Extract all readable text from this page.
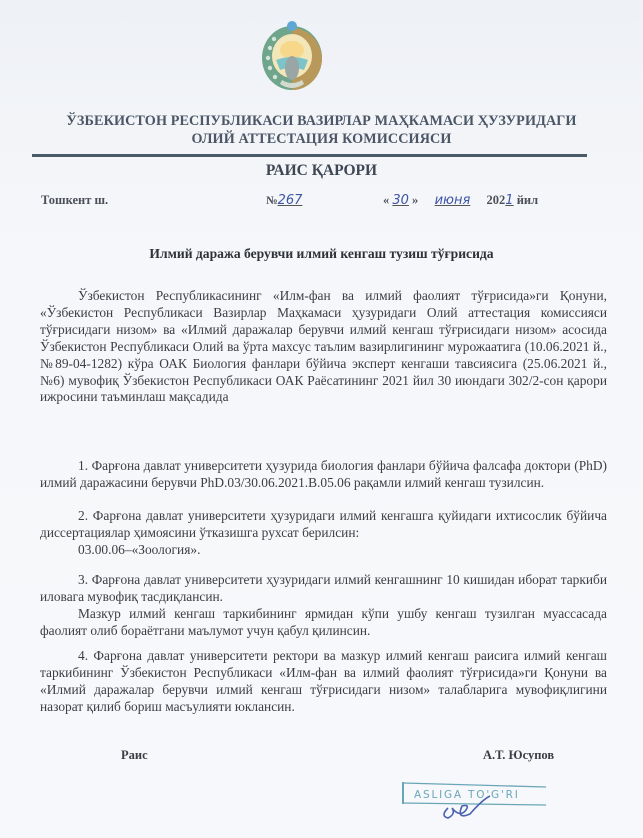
ЎЗБЕКИСТОН РЕСПУБЛИКАСИ ВАЗИРЛАР МАҲКАМАСИ ҲУЗУРИДАГИ
ОЛИЙ АТТЕСТАЦИЯ КОМИССИЯСИ
РАИС ҚАРОРИ
Тошкент ш.	№267	« 30 » июня 2021 йил
Илмий даража берувчи илмий кенгаш тузиш тўғрисида

Ўзбекистон Республикасининг «Илм-фан ва илмий фаолият тўғрисида»ги Қонуни, «Ўзбекистон Республикаси Вазирлар Маҳкамаси ҳузуридаги Олий аттестация комиссияси тўғрисидаги низом» ва «Илмий даражалар берувчи илмий кенгаш тўғрисидаги низом» асосида Ўзбекистон Республикаси Олий ва ўрта махсус таълим вазирлигининг мурожаатига (10.06.2021 й., №89-04-1282) кўра ОАК Биология фанлари бўйича эксперт кенгаши тавсиясига (25.06.2021 й., №6) мувофиқ Ўзбекистон Республикаси ОАК Раёсатининг 2021 йил 30 июндаги 302/2-сон қарори ижросини таъминлаш мақсадида

1. Фарғона давлат университети ҳузурида биология фанлари бўйича фалсафа доктори (PhD) илмий даражасини берувчи PhD.03/30.06.2021.B.05.06 рақамли илмий кенгаш тузилсин.

2. Фарғона давлат университети ҳузуридаги илмий кенгашга қуйидаги ихтисослик бўйича диссертациялар ҳимоясини ўтказишга рухсат берилсин:

03.00.06–«Зоология».

3. Фарғона давлат университети ҳузуридаги илмий кенгашнинг 10 кишидан иборат таркиби иловага мувофиқ тасдиқлансин.

Мазкур илмий кенгаш таркибининг ярмидан кўпи ушбу кенгаш тузилган муассасада фаолият олиб бораётгани маълумот учун қабул қилинсин.

4. Фарғона давлат университети ректори ва мазкур илмий кенгаш раисига илмий кенгаш таркибининг Ўзбекистон Республикаси «Илм-фан ва илмий фаолият тўғрисида»ги Қонуни ва «Илмий даражалар берувчи илмий кенгаш тўғрисидаги низом» талабларига мувофиқлигини назорат қилиб бориш масъулияти юклансин.

Раис	А.Т. Юсупов
ASLIGA TO'G'RI
